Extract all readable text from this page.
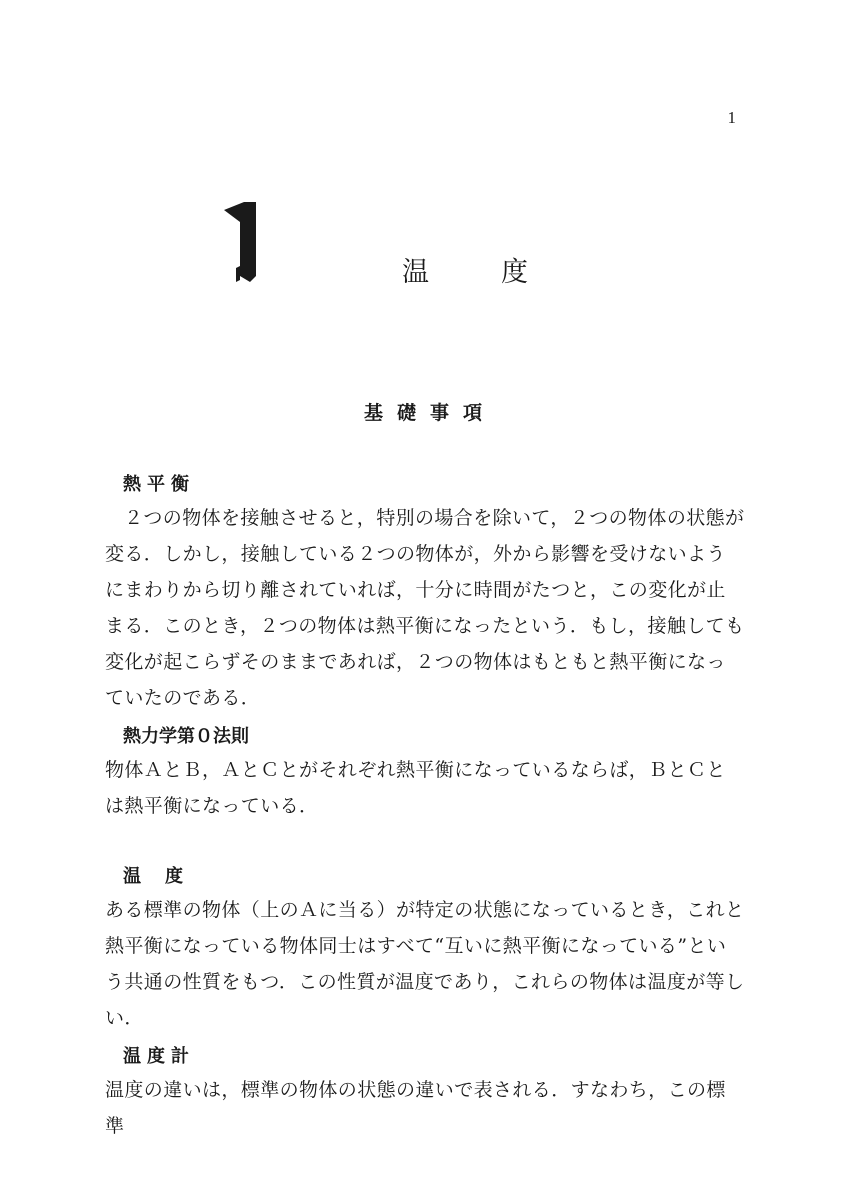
1
温度
基礎事項
熱平衡
２つの物体を接触させると，特別の場合を除いて，２つの物体の状態が変る．しかし，接触している２つの物体が，外から影響を受けないようにまわりから切り離されていれば，十分に時間がたつと，この変化が止まる．このとき，２つの物体は熱平衡になったという．もし，接触しても変化が起こらずそのままであれば，２つの物体はもともと熱平衡になっていたのである．
熱力学第０法則
物体ＡとＢ，ＡとＣとがそれぞれ熱平衡になっているならば，ＢとＣとは熱平衡になっている．
温度
ある標準の物体（上のＡに当る）が特定の状態になっているとき，これと熱平衡になっている物体同士はすべて“互いに熱平衡になっている”という共通の性質をもつ．この性質が温度であり，これらの物体は温度が等しい．
温度計
温度の違いは，標準の物体の状態の違いで表される．すなわち，この標準
